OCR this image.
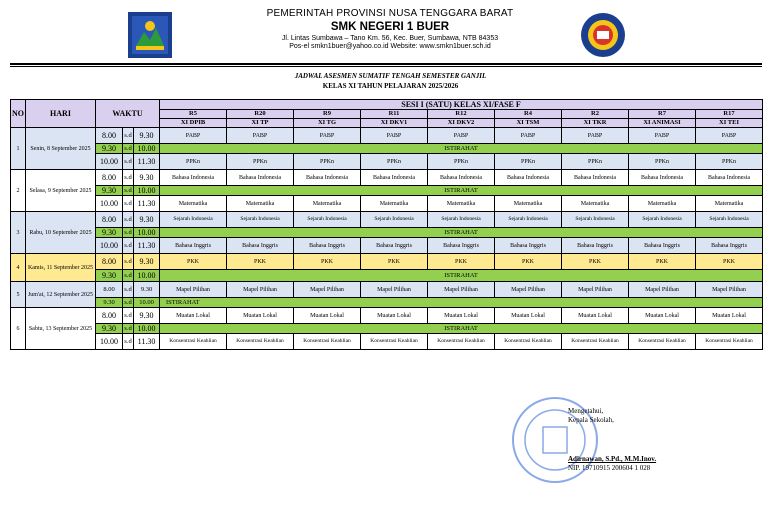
PEMERINTAH PROVINSI NUSA TENGGARA BARAT
SMK NEGERI 1 BUER
Jl. Lintas Sumbawa – Tano Km. 56, Kec. Buer, Sumbawa, NTB 84353
Pos-el smkn1buer@yahoo.co.id Website: www.smkn1buer.sch.id
JADWAL ASESMEN SUMATIF TENGAH SEMESTER GANJIL
KELAS XI TAHUN PELAJARAN 2025/2026
NO	HARI	WAKTU			SESI I (SATU) KELAS XI/FASE F								
					R5	R20	R9	R11	R12	R4	R2	R7	R17
					XI DPIB	XI TP	XI TG	XI DKV1	XI DKV2	XI TSM	XI TKR	XI ANIMASI	XI TEI
1	Senin, 8 September 2025	8.00	s.d	9.30	PABP	PABP	PABP	PABP	PABP	PABP	PABP	PABP	PABP
		9.30	s.d	10.00	ISTIRAHAT								
		10.00	s.d	11.30	PPKn	PPKn	PPKn	PPKn	PPKn	PPKn	PPKn	PPKn	PPKn
2	Selasa, 9 September 2025	8.00	s.d	9.30	Bahasa Indonesia	Bahasa Indonesia	Bahasa Indonesia	Bahasa Indonesia	Bahasa Indonesia	Bahasa Indonesia	Bahasa Indonesia	Bahasa Indonesia	Bahasa Indonesia
		9.30	s.d	10.00	ISTIRAHAT								
		10.00	s.d	11.30	Matematika	Matematika	Matematika	Matematika	Matematika	Matematika	Matematika	Matematika	Matematika
3	Rabu, 10 September 2025	8.00	s.d	9.30	Sejarah Indonesia	Sejarah Indonesia	Sejarah Indonesia	Sejarah Indonesia	Sejarah Indonesia	Sejarah Indonesia	Sejarah Indonesia	Sejarah Indonesia	Sejarah Indonesia
		9.30	s.d	10.00	ISTIRAHAT								
		10.00	s.d	11.30	Bahasa Inggris	Bahasa Inggris	Bahasa Inggris	Bahasa Inggris	Bahasa Inggris	Bahasa Inggris	Bahasa Inggris	Bahasa Inggris	Bahasa Inggris
4	Kamis, 11 September 2025	8.00	s.d	9.30	PKK	PKK	PKK	PKK	PKK	PKK	PKK	PKK	PKK
		9.30	s.d	10.00	ISTIRAHAT								
5	Jum'at, 12 September 2025	8.00	s.d	9.30	Mapel Pilihan	Mapel Pilihan	Mapel Pilihan	Mapel Pilihan	Mapel Pilihan	Mapel Pilihan	Mapel Pilihan	Mapel Pilihan	Mapel Pilihan
		9.30	s.d	10.00	ISTIRAHAT								
6	Sabtu, 13 September 2025	8.00	s.d	9.30	Muatan Lokal	Muatan Lokal	Muatan Lokal	Muatan Lokal	Muatan Lokal	Muatan Lokal	Muatan Lokal	Muatan Lokal	Muatan Lokal
		9.30	s.d	10.00	ISTIRAHAT								
		10.00	s.d	11.30	Konsentrasi Keahlian	Konsentrasi Keahlian	Konsentrasi Keahlian	Konsentrasi Keahlian	Konsentrasi Keahlian	Konsentrasi Keahlian	Konsentrasi Keahlian	Konsentrasi Keahlian	Konsentrasi Keahlian
Mengetahui,
Kepala Sekolah,
Adirnawan, S.Pd., M.M.Inov.
NIP. 19710915 200604 1 028
